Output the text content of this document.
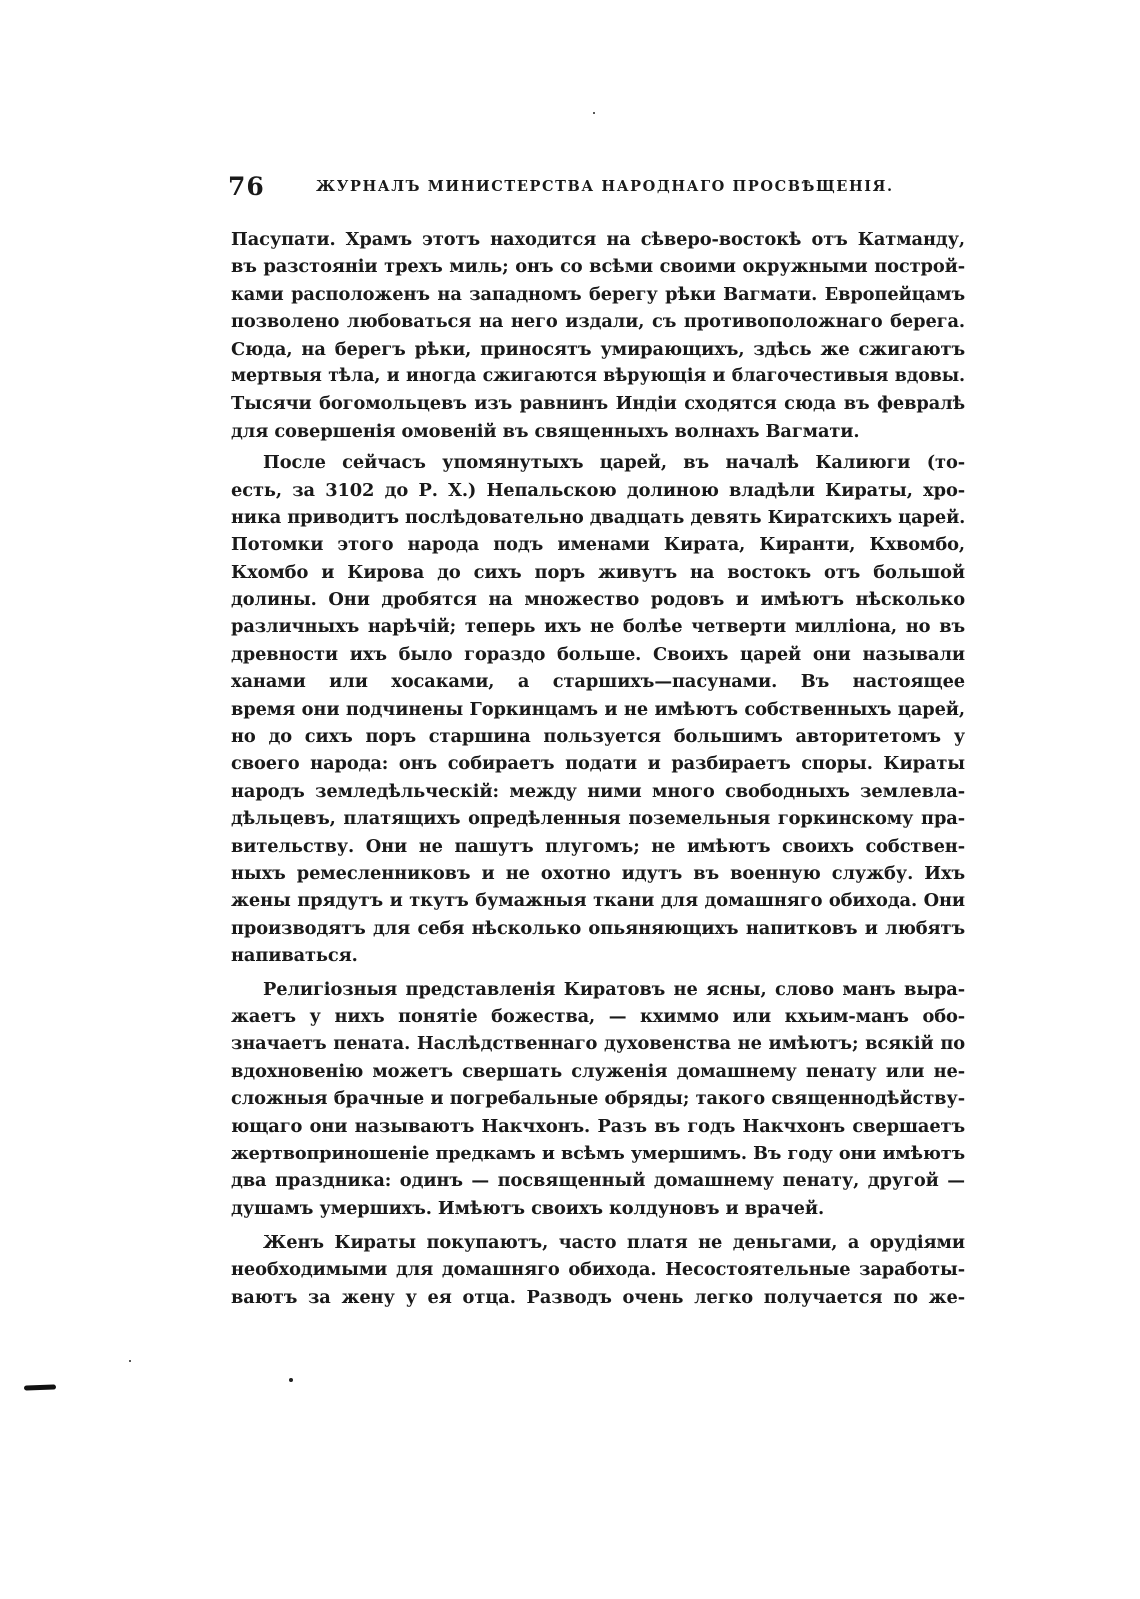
76	ЖУРНАЛЪ МИНИСТЕРСТВА НАРОДНАГО ПРОСВѢЩЕНІЯ.
Пасупати. Храмъ этотъ находится на сѣверо-востокѣ отъ Катманду,
въ разстояніи трехъ миль; онъ со всѣми своими окружными построй-
ками расположенъ на западномъ берегу рѣки Вагмати. Европейцамъ
позволено любоваться на него издали, съ противоположнаго берега.
Сюда, на берегъ рѣки, приносятъ умирающихъ, здѣсь же сжигаютъ
мертвыя тѣла, и иногда сжигаются вѣрующія и благочестивыя вдовы.
Тысячи богомольцевъ изъ равнинъ Индіи сходятся сюда въ февралѣ
для совершенія омовеній въ священныхъ волнахъ Вагмати.
После сейчасъ упомянутыхъ царей, въ началѣ Калиюги (то-
есть, за 3102 до Р. Х.) Непальскою долиною владѣли Кираты, хро-
ника приводитъ послѣдовательно двадцать девять Киратскихъ царей.
Потомки этого народа подъ именами Кирата, Киранти, Кхвомбо,
Кхомбо и Кирова до сихъ поръ живутъ на востокъ отъ большой
долины. Они дробятся на множество родовъ и имѣютъ нѣсколько
различныхъ нарѣчій; теперь ихъ не болѣе четверти милліона, но въ
древности ихъ было гораздо больше. Своихъ царей они называли
ханами или хосаками, а старшихъ—пасунами. Въ настоящее
время они подчинены Горкинцамъ и не имѣютъ собственныхъ царей,
но до сихъ поръ старшина пользуется большимъ авторитетомъ у
своего народа: онъ собираетъ подати и разбираетъ споры. Кираты
народъ земледѣльческій: между ними много свободныхъ землевла-
дѣльцевъ, платящихъ опредѣленныя поземельныя горкинскому пра-
вительству. Они не пашутъ плугомъ; не имѣютъ своихъ собствен-
ныхъ ремесленниковъ и не охотно идутъ въ военную службу. Ихъ
жены прядутъ и ткутъ бумажныя ткани для домашняго обихода. Они
производятъ для себя нѣсколько опьяняющихъ напитковъ и любятъ
напиваться.
Религіозныя представленія Киратовъ не ясны, слово манъ выра-
жаетъ у нихъ понятіе божества, — кхиммо или кхьим-манъ обо-
значаетъ пената. Наслѣдственнаго духовенства не имѣютъ; всякій по
вдохновенію можетъ свершать служенія домашнему пенату или не-
сложныя брачные и погребальные обряды; такого священнодѣйству-
ющаго они называютъ Накчхонъ. Разъ въ годъ Накчхонъ свершаетъ
жертвоприношеніе предкамъ и всѣмъ умершимъ. Въ году они имѣютъ
два праздника: одинъ — посвященный домашнему пенату, другой —
душамъ умершихъ. Имѣютъ своихъ колдуновъ и врачей.
Женъ Кираты покупаютъ, часто платя не деньгами, а орудіями
необходимыми для домашняго обихода. Несостоятельные заработы-
ваютъ за жену у ея отца. Разводъ очень легко получается по же-
